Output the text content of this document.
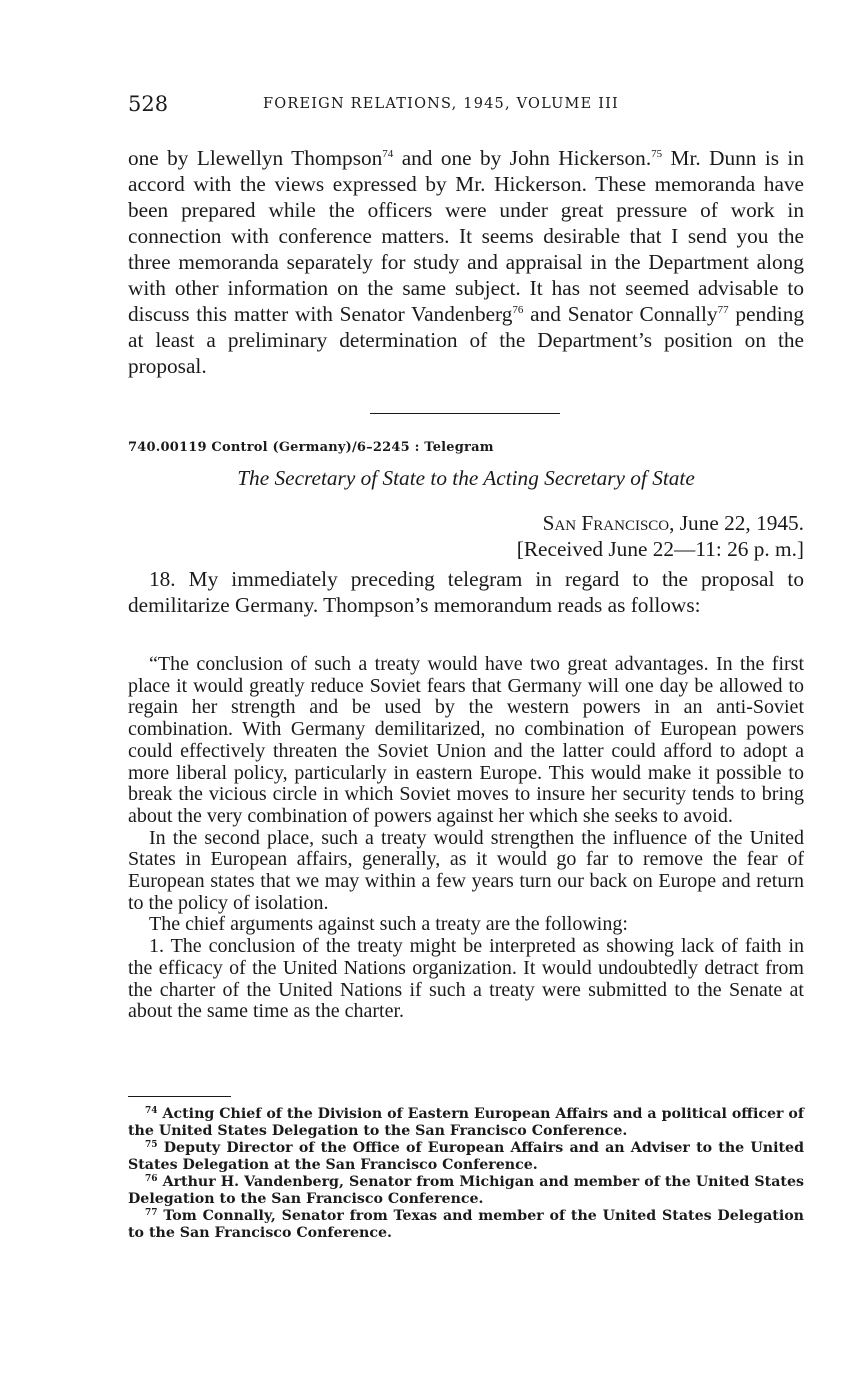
528	FOREIGN RELATIONS, 1945, VOLUME III

one by Llewellyn Thompson$^{74}$ and one by John Hickerson.$^{75}$ Mr. Dunn is in accord with the views expressed by Mr. Hickerson. These memoranda have been prepared while the officers were under great pressure of work in connection with conference matters. It seems desirable that I send you the three memoranda separately for study and appraisal in the Department along with other information on the same subject. It has not seemed advisable to discuss this matter with Senator Vandenberg$^{76}$ and Senator Connally$^{77}$ pending at least a preliminary determination of the Department’s position on the proposal.

740.00119 Control (Germany)/6–2245 : Telegram
The Secretary of State to the Acting Secretary of State
San Francisco, June 22, 1945.
[Received June 22—11: 26 p. m.]

18. My immediately preceding telegram in regard to the proposal to demilitarize Germany. Thompson’s memorandum reads as follows:

“The conclusion of such a treaty would have two great advantages. In the first place it would greatly reduce Soviet fears that Germany will one day be allowed to regain her strength and be used by the western powers in an anti-Soviet combination. With Germany demilitarized, no combination of European powers could effectively threaten the Soviet Union and the latter could afford to adopt a more liberal policy, particularly in eastern Europe. This would make it possible to break the vicious circle in which Soviet moves to insure her security tends to bring about the very combination of powers against her which she seeks to avoid.

In the second place, such a treaty would strengthen the influence of the United States in European affairs, generally, as it would go far to remove the fear of European states that we may within a few years turn our back on Europe and return to the policy of isolation.

The chief arguments against such a treaty are the following:

1. The conclusion of the treaty might be interpreted as showing lack of faith in the efficacy of the United Nations organization. It would undoubtedly detract from the charter of the United Nations if such a treaty were submitted to the Senate at about the same time as the charter.

$^{74}$ Acting Chief of the Division of Eastern European Affairs and a political officer of the United States Delegation to the San Francisco Conference.

$^{75}$ Deputy Director of the Office of European Affairs and an Adviser to the United States Delegation at the San Francisco Conference.

$^{76}$ Arthur H. Vandenberg, Senator from Michigan and member of the United States Delegation to the San Francisco Conference.

$^{77}$ Tom Connally, Senator from Texas and member of the United States Delegation to the San Francisco Conference.
